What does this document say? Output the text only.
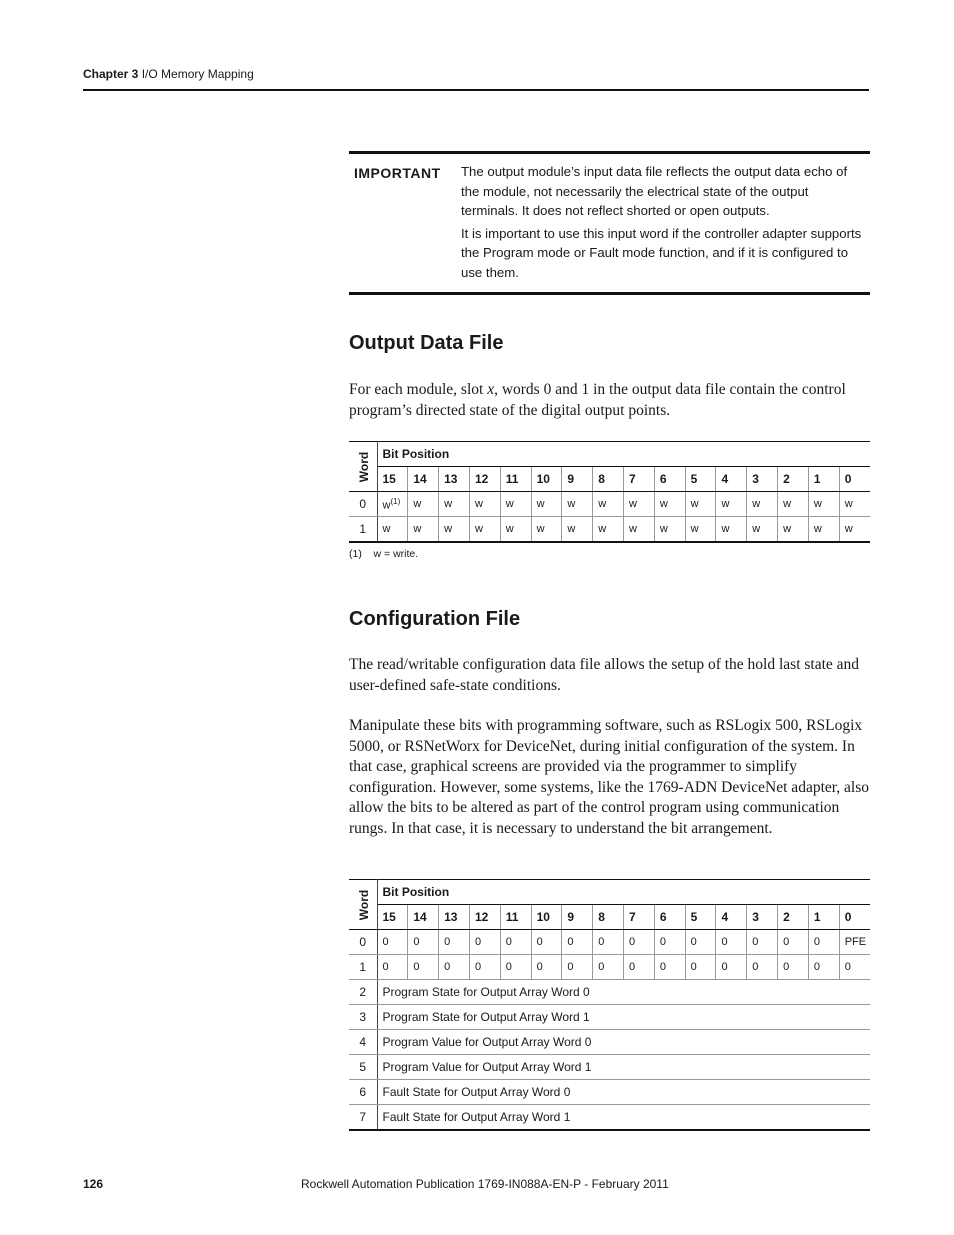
Chapter 3 I/O Memory Mapping
IMPORTANT The output module’s input data file reflects the output data echo of the module, not necessarily the electrical state of the output terminals. It does not reflect shorted or open outputs.

It is important to use this input word if the controller adapter supports the Program mode or Fault mode function, and if it is configured to use them.

Output Data File
For each module, slot x, words 0 and 1 in the output data file contain the control program’s directed state of the digital output points.
Word	Bit Position															
	15	14	13	12	11	10	9	8	7	6	5	4	3	2	1	0
0	$w^{(1)}$	w	w	w	w	w	w	w	w	w	w	w	w	w	w	w
1	w	w	w	w	w	w	w	w	w	w	w	w	w	w	w	w
(1) w = write.
Configuration File
The read/writable configuration data file allows the setup of the hold last state and user-defined safe-state conditions.
Manipulate these bits with programming software, such as RSLogix 500, RSLogix 5000, or RSNetWorx for DeviceNet, during initial configuration of the system. In that case, graphical screens are provided via the programmer to simplify configuration. However, some systems, like the 1769-ADN DeviceNet adapter, also allow the bits to be altered as part of the control program using communication rungs. In that case, it is necessary to understand the bit arrangement.
Word	Bit Position															
	15	14	13	12	11	10	9	8	7	6	5	4	3	2	1	0
0	0	0	0	0	0	0	0	0	0	0	0	0	0	0	0	PFE
1	0	0	0	0	0	0	0	0	0	0	0	0	0	0	0	0
2	Program State for Output Array Word 0															
3	Program State for Output Array Word 1															
4	Program Value for Output Array Word 0															
5	Program Value for Output Array Word 1															
6	Fault State for Output Array Word 0															
7	Fault State for Output Array Word 1															
126	Rockwell Automation Publication 1769-IN088A-EN-P - February 2011
